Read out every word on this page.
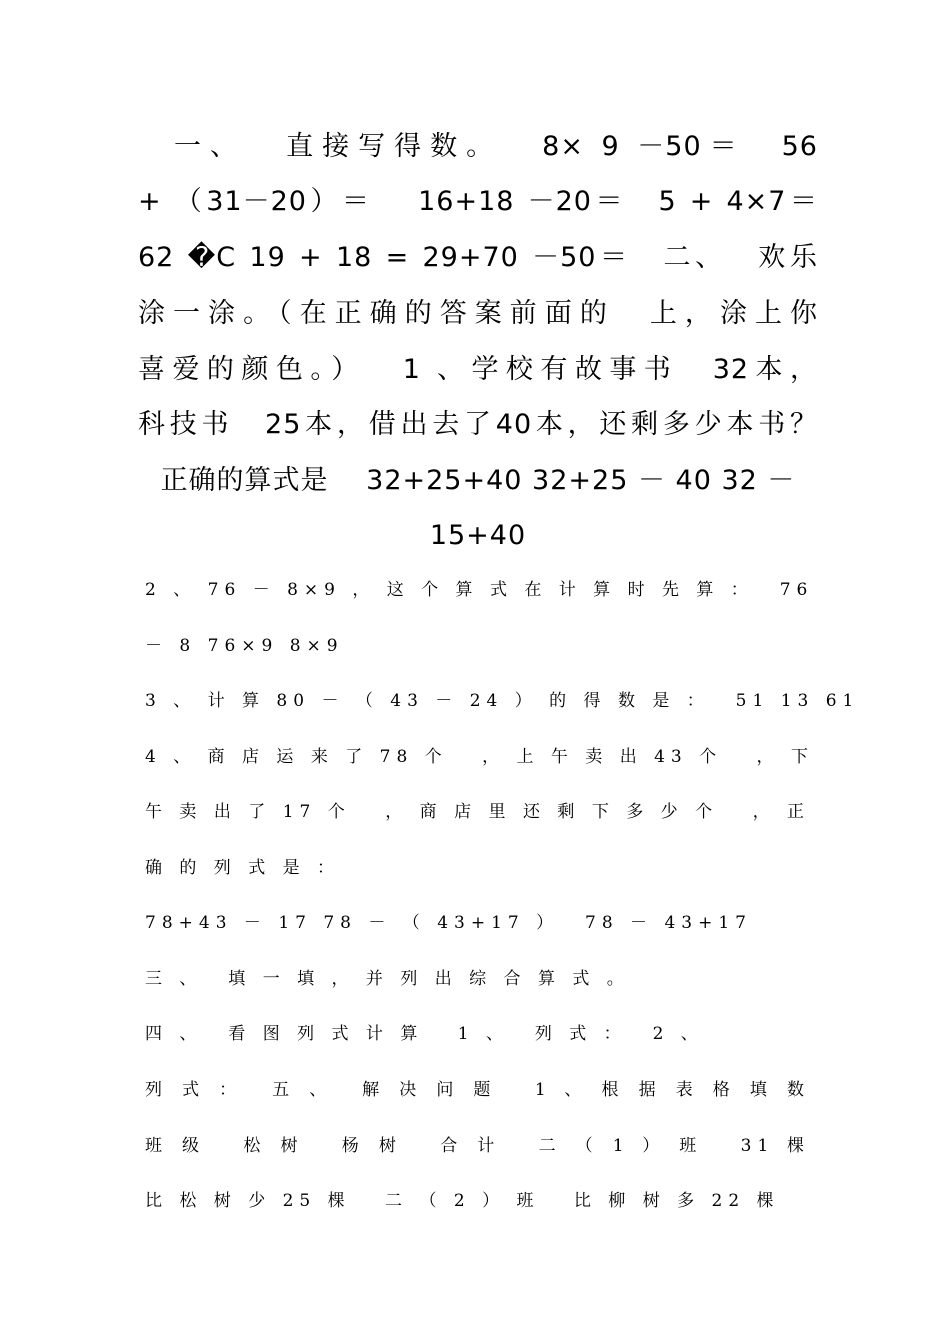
　一、　 直接写得数。　 8× 9 －50＝　56
+ （31－20）＝　 16+18 －20＝　5 + 4×7＝
62 �C 19 + 18 = 29+70 －50＝　二、　 欢乐
涂一涂。（在正确的答案前面的　上，涂上你
喜爱的颜色。）　 1 、学校有故事书　32本，
科技书　25本，借出去了40本，还剩多少本书？
正确的算式是　 32+25+40 32+25 － 40 32 －
15+40
2 、 76 － 8×9 ， 这 个 算 式 在 计 算 时 先 算 ：　 76
－ 8 76×9 8×9
3 、 计 算 80 － （ 43 － 24 ） 的 得 数 是 ：　 51 13 61
4 、 商 店 运 来 了 78 个　 ， 上 午 卖 出 43 个　 ， 下
午 卖 出 了 17 个　 ， 商 店 里 还 剩 下 多 少 个　 ， 正
确 的 列 式 是 ：
78+43 － 17 78 － （ 43+17 ）　 78 － 43+17
三 、　 填 一 填 ， 并 列 出 综 合 算 式 。
四 、　 看 图 列 式 计 算　 1 、　 列 式 ：　 2 、
列 式 ：　 五 、　 解 决 问 题　 1 、 根 据 表 格 填 数
班 级　 松 树　 杨 树　 合 计　 二 （ 1 ） 班　 31 棵
比 松 树 少 25 棵　 二 （ 2 ） 班　 比 柳 树 多 22 棵
